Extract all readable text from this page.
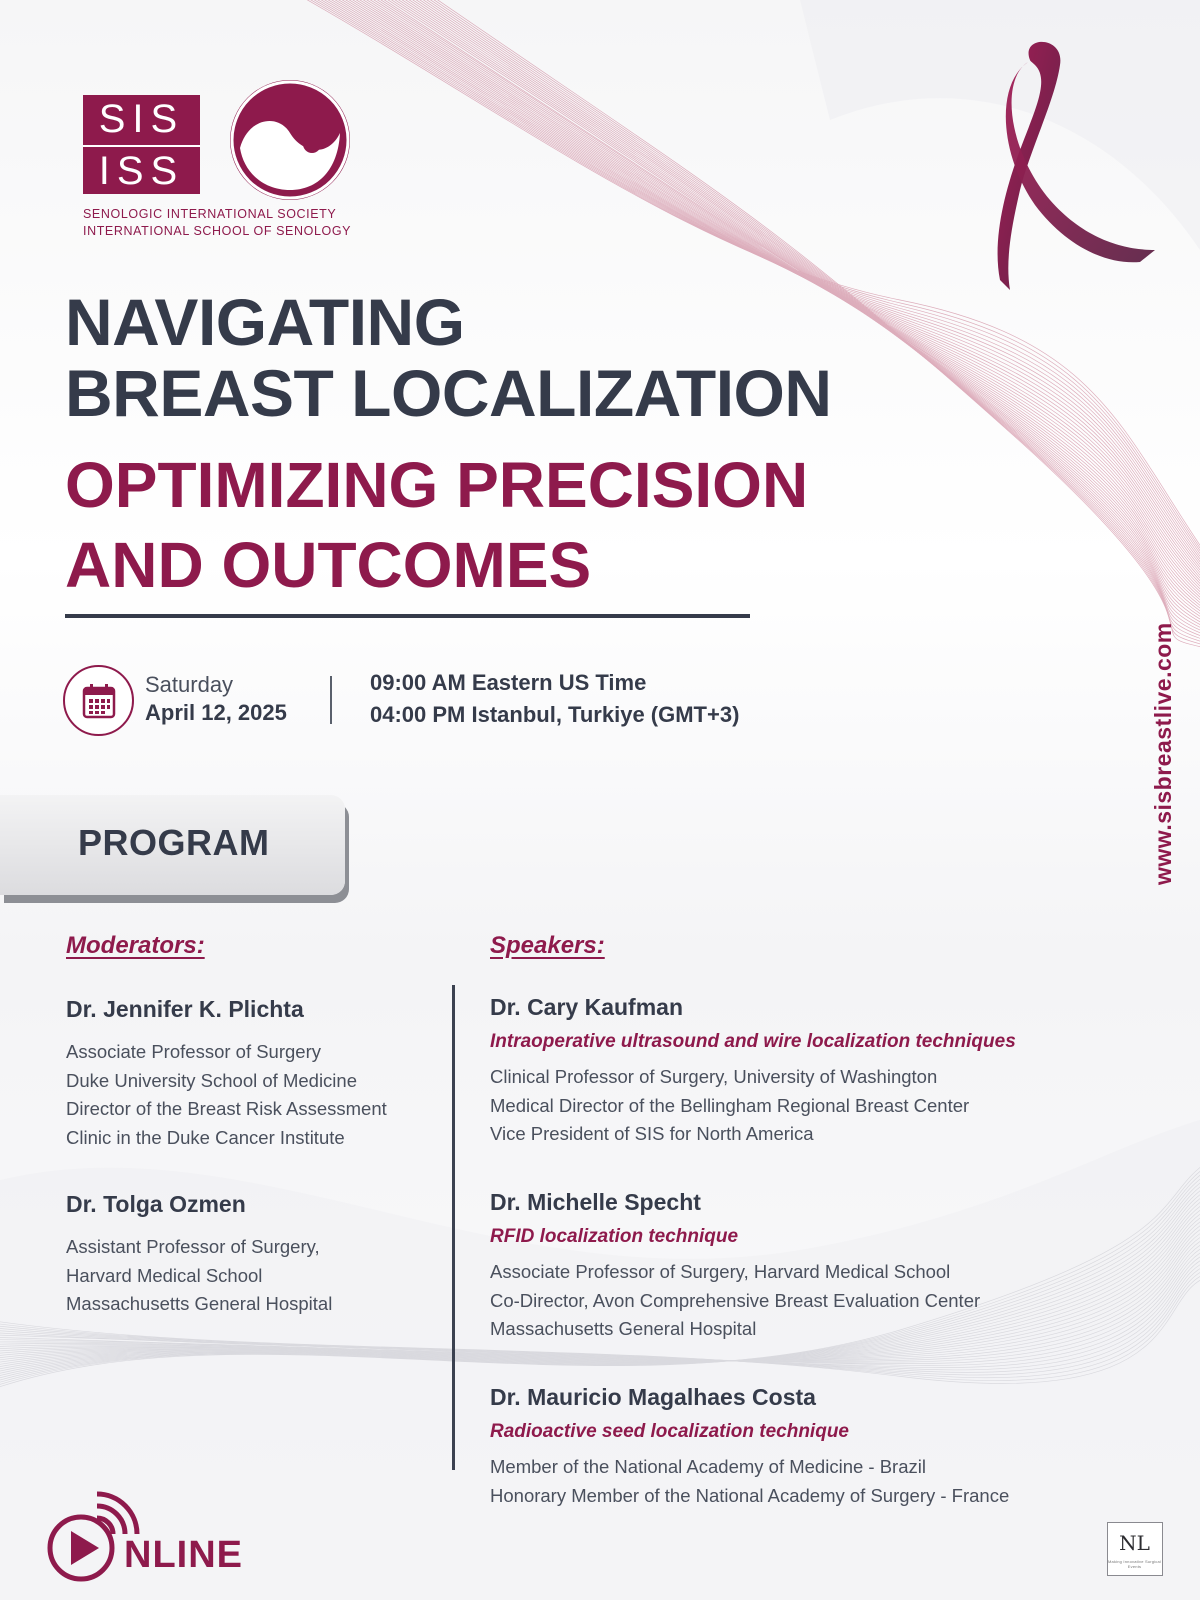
SIS
ISS
SENOLOGIC INTERNATIONAL SOCIETY
INTERNATIONAL SCHOOL OF SENOLOGY
NAVIGATING
BREAST LOCALIZATION
OPTIMIZING PRECISION
AND OUTCOMES
Saturday
April 12, 2025
09:00 AM Eastern US Time
04:00 PM Istanbul, Turkiye (GMT+3)
PROGRAM
Moderators:	Speakers:
Dr. Jennifer K. Plichta
Associate Professor of Surgery
Duke University School of Medicine
Director of the Breast Risk Assessment
Clinic in the Duke Cancer Institute
Dr. Tolga Ozmen
Assistant Professor of Surgery,
Harvard Medical School
Massachusetts General Hospital
Dr. Cary Kaufman
Intraoperative ultrasound and wire localization techniques
Clinical Professor of Surgery, University of Washington
Medical Director of the Bellingham Regional Breast Center
Vice President of SIS for North America
Dr. Michelle Specht
RFID localization technique
Associate Professor of Surgery, Harvard Medical School
Co-Director, Avon Comprehensive Breast Evaluation Center
Massachusetts General Hospital
Dr. Mauricio Magalhaes Costa
Radioactive seed localization technique
Member of the National Academy of Medicine - Brazil
Honorary Member of the National Academy of Surgery - France
www.sisbreastlive.com
NLINE	NL
Making Innovative Surgical Events
